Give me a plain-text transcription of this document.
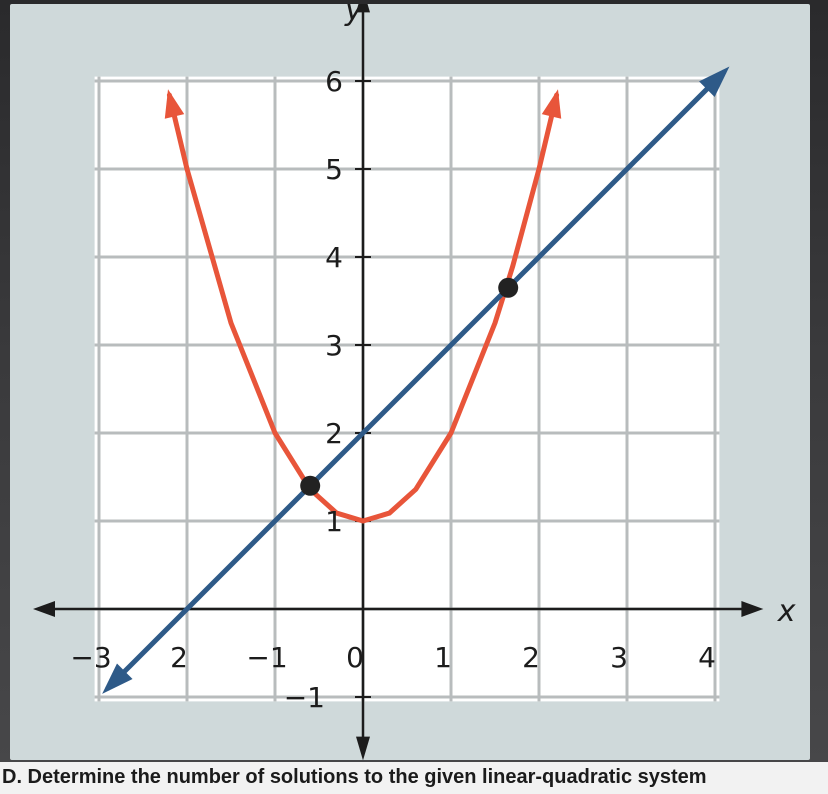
−3 2 −1 0	1	2	3	4
6
5
4
3
2
1
−1
x
y
D. Determine the number of solutions to the given linear-quadratic system
